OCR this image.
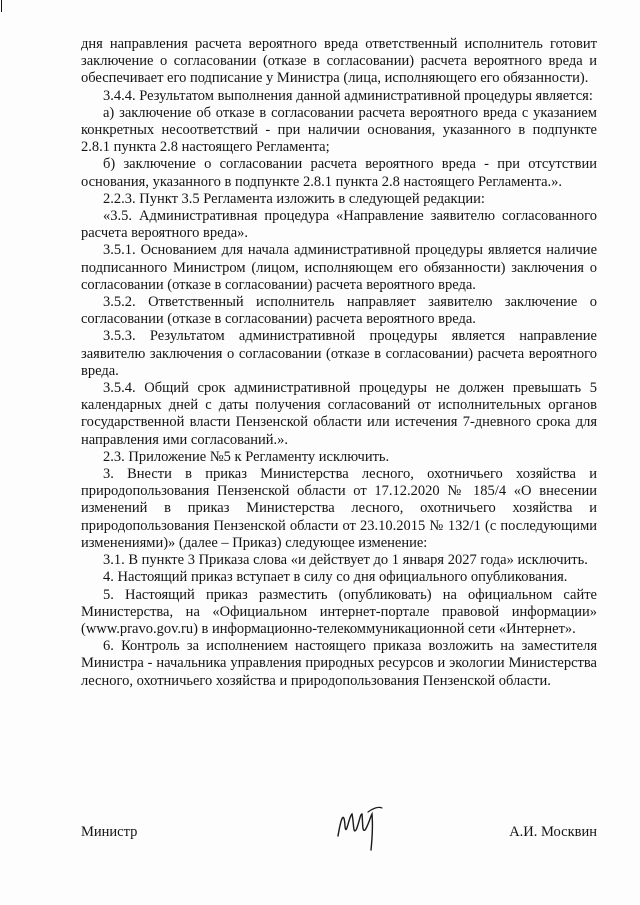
дня направления расчета вероятного вреда ответственный исполнитель готовит заключение о согласовании (отказе в согласовании) расчета вероятного вреда и обеспечивает его подписание у Министра (лица, исполняющего его обязанности).

3.4.4. Результатом выполнения данной административной процедуры является:

а) заключение об отказе в согласовании расчета вероятного вреда с указанием конкретных несоответствий - при наличии основания, указанного в подпункте 2.8.1 пункта 2.8 настоящего Регламента;

б) заключение о согласовании расчета вероятного вреда - при отсутствии основания, указанного в подпункте 2.8.1 пункта 2.8 настоящего Регламента.».

2.2.3. Пункт 3.5 Регламента изложить в следующей редакции:

«3.5. Административная процедура «Направление заявителю согласованного расчета вероятного вреда».

3.5.1. Основанием для начала административной процедуры является наличие подписанного Министром (лицом, исполняющем его обязанности) заключения о согласовании (отказе в согласовании) расчета вероятного вреда.

3.5.2. Ответственный исполнитель направляет заявителю заключение о согласовании (отказе в согласовании) расчета вероятного вреда.

3.5.3. Результатом административной процедуры является направление заявителю заключения о согласовании (отказе в согласовании) расчета вероятного вреда.

3.5.4. Общий срок административной процедуры не должен превышать 5 календарных дней с даты получения согласований от исполнительных органов государственной власти Пензенской области или истечения 7-дневного срока для направления ими согласований.».

2.3. Приложение №5 к Регламенту исключить.

3. Внести в приказ Министерства лесного, охотничьего хозяйства и природопользования Пензенской области от 17.12.2020 № 185/4 «О внесении изменений в приказ Министерства лесного, охотничьего хозяйства и природопользования Пензенской области от 23.10.2015 № 132/1 (с последующими изменениями)» (далее – Приказ) следующее изменение:

3.1. В пункте 3 Приказа слова «и действует до 1 января 2027 года» исключить.

4. Настоящий приказ вступает в силу со дня официального опубликования.

5. Настоящий приказ разместить (опубликовать) на официальном сайте Министерства, на «Официальном интернет-портале правовой информации» (www.pravo.gov.ru) в информационно-телекоммуникационной сети «Интернет».

6. Контроль за исполнением настоящего приказа возложить на заместителя Министра - начальника управления природных ресурсов и экологии Министерства лесного, охотничьего хозяйства и природопользования Пензенской области.

Министр	А.И. Москвин
